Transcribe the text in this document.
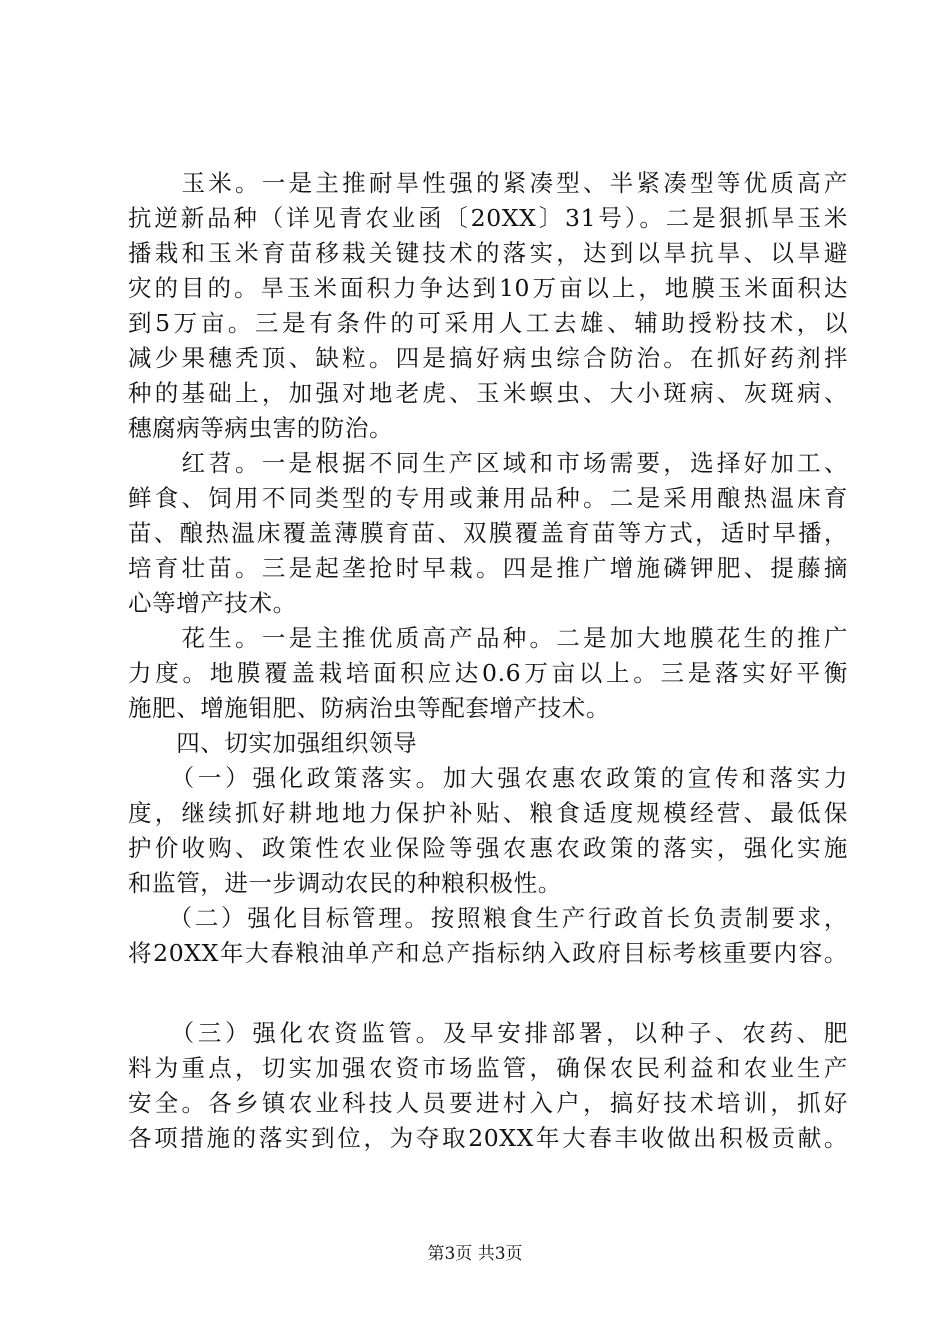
　　玉米。一是主推耐旱性强的紧凑型、半紧凑型等优质高产
抗逆新品种（详见青农业函〔20XX〕31号）。二是狠抓旱玉米
播栽和玉米育苗移栽关键技术的落实，达到以旱抗旱、以旱避
灾的目的。旱玉米面积力争达到10万亩以上，地膜玉米面积达
到5万亩。三是有条件的可采用人工去雄、辅助授粉技术，以
减少果穗秃顶、缺粒。四是搞好病虫综合防治。在抓好药剂拌
种的基础上，加强对地老虎、玉米螟虫、大小斑病、灰斑病、
穗腐病等病虫害的防治。
　　红苕。一是根据不同生产区域和市场需要，选择好加工、
鲜食、饲用不同类型的专用或兼用品种。二是采用酿热温床育
苗、酿热温床覆盖薄膜育苗、双膜覆盖育苗等方式，适时早播，
培育壮苗。三是起垄抢时早栽。四是推广增施磷钾肥、提藤摘
心等增产技术。
　　花生。一是主推优质高产品种。二是加大地膜花生的推广
力度。地膜覆盖栽培面积应达0.6万亩以上。三是落实好平衡
施肥、增施钼肥、防病治虫等配套增产技术。
　　四、切实加强组织领导
　　（一）强化政策落实。加大强农惠农政策的宣传和落实力
度，继续抓好耕地地力保护补贴、粮食适度规模经营、最低保
护价收购、政策性农业保险等强农惠农政策的落实，强化实施
和监管，进一步调动农民的种粮积极性。
　　（二）强化目标管理。按照粮食生产行政首长负责制要求，
将20XX年大春粮油单产和总产指标纳入政府目标考核重要内容。
　　（三）强化农资监管。及早安排部署，以种子、农药、肥
料为重点，切实加强农资市场监管，确保农民利益和农业生产
安全。各乡镇农业科技人员要进村入户，搞好技术培训，抓好
各项措施的落实到位，为夺取20XX年大春丰收做出积极贡献。
第3页 共3页
